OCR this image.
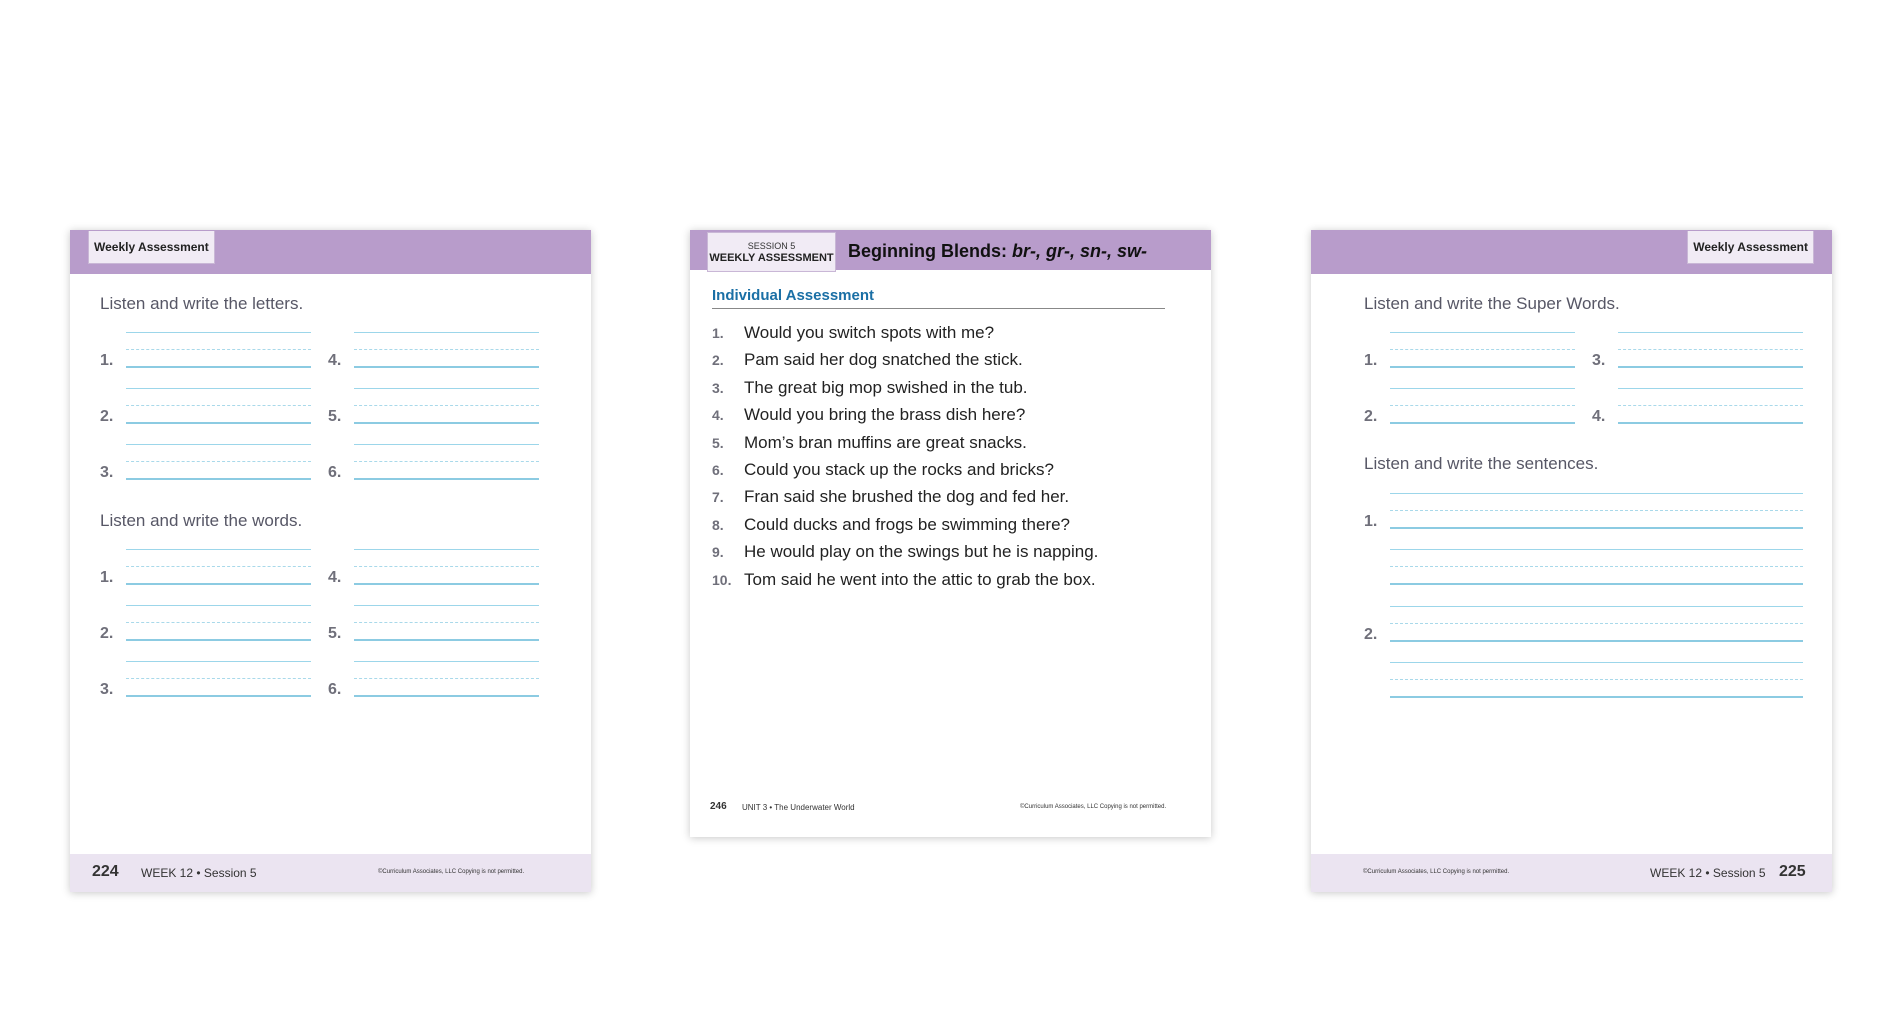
Weekly Assessment
Listen and write the letters.
1.
2.
3.
4.
5.
6.
Listen and write the words.
1.
2.
3.
4.
5.
6.
224 WEEK 12 • Session 5	©Curriculum Associates, LLC Copying is not permitted.
SESSION 5
WEEKLY ASSESSMENT Beginning Blends: br-, gr-, sn-, sw-
Individual Assessment
1. Would you switch spots with me?
2. Pam said her dog snatched the stick.
3. The great big mop swished in the tub.
4. Would you bring the brass dish here?
5. Mom’s bran muffins are great snacks.
6. Could you stack up the rocks and bricks?
7. Fran said she brushed the dog and fed her.
8. Could ducks and frogs be swimming there?
9. He would play on the swings but he is napping.
10. Tom said he went into the attic to grab the box.
246 UNIT 3 • The Underwater World	©Curriculum Associates, LLC Copying is not permitted.
Weekly Assessment
Listen and write the Super Words.
1.
2.
3.
4.
Listen and write the sentences.
1.
2.
©Curriculum Associates, LLC Copying is not permitted.	WEEK 12 • Session 5 225
